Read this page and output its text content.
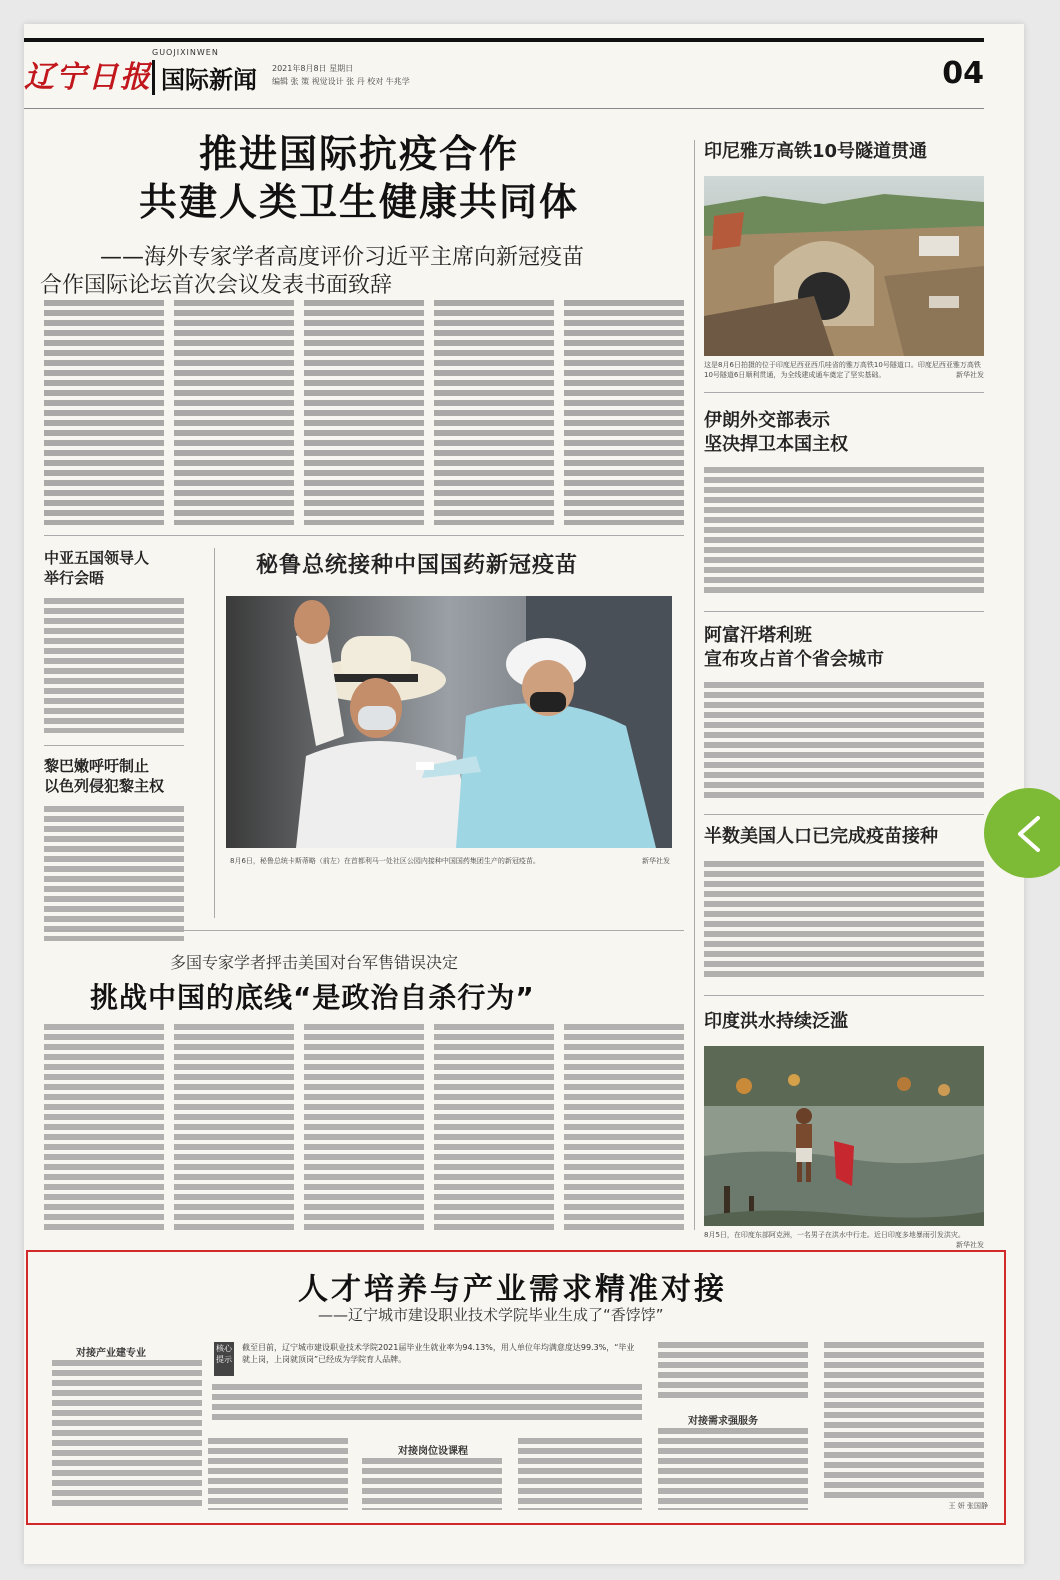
辽宁日报
GUOJIXINWEN
国际新闻 2021年8月8日 星期日
编辑 张 策 视觉设计 张 丹 校对 牛兆学	04
推进国际抗疫合作
共建人类卫生健康共同体
——海外专家学者高度评价习近平主席向新冠疫苗
合作国际论坛首次会议发表书面致辞
印尼雅万高铁10号隧道贯通
这是8月6日拍摄的位于印度尼西亚西爪哇省的雅万高铁10号隧道口。印度尼西亚雅万高铁10号隧道6日顺利贯通，为全线建成通车奠定了坚实基础。	新华社发
伊朗外交部表示
坚决捍卫本国主权
阿富汗塔利班
宣布攻占首个省会城市
半数美国人口已完成疫苗接种
印度洪水持续泛滥
8月5日，在印度东部阿克洲，一名男子在洪水中行走。近日印度多地暴雨引发洪灾。
新华社发
中亚五国领导人
举行会晤
黎巴嫩呼吁制止
以色列侵犯黎主权
秘鲁总统接种中国国药新冠疫苗
8月6日，秘鲁总统卡斯蒂略（前左）在首都利马一处社区公园内接种中国国药集团生产的新冠疫苗。	新华社发
多国专家学者抨击美国对台军售错误决定
挑战中国的底线“是政治自杀行为”
人才培养与产业需求精准对接
——辽宁城市建设职业技术学院毕业生成了“香饽饽”
对接产业建专业	核心提示
截至目前，辽宁城市建设职业技术学院2021届毕业生就业率为94.13%，用人单位年均满意度达99.3%，“毕业就上岗，上岗就顶岗”已经成为学院育人品牌。
对接岗位设课程
对接需求强服务
王 妍 张国静
